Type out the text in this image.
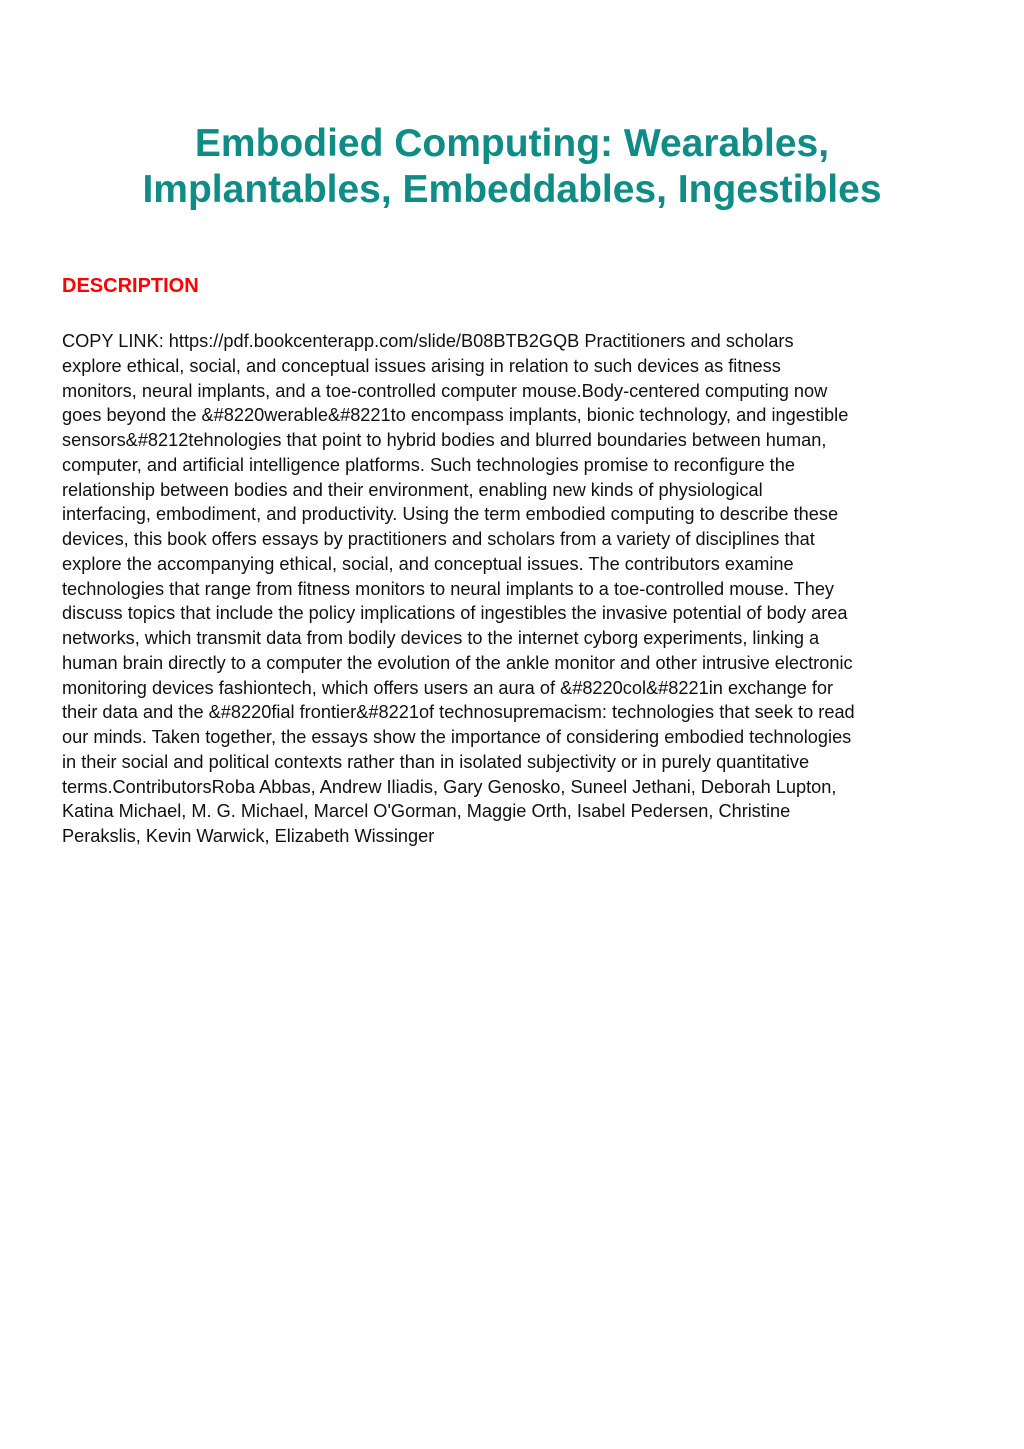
Embodied Computing: Wearables,
Implantables, Embeddables, Ingestibles
DESCRIPTION
COPY LINK: https://pdf.bookcenterapp.com/slide/B08BTB2GQB Practitioners and scholars
explore ethical, social, and conceptual issues arising in relation to such devices as fitness
monitors, neural implants, and a toe-controlled computer mouse.Body-centered computing now
goes beyond the &#8220werable&#8221to encompass implants, bionic technology, and ingestible
sensors&#8212tehnologies that point to hybrid bodies and blurred boundaries between human,
computer, and artificial intelligence platforms. Such technologies promise to reconfigure the
relationship between bodies and their environment, enabling new kinds of physiological
interfacing, embodiment, and productivity. Using the term embodied computing to describe these
devices, this book offers essays by practitioners and scholars from a variety of disciplines that
explore the accompanying ethical, social, and conceptual issues. The contributors examine
technologies that range from fitness monitors to neural implants to a toe-controlled mouse. They
discuss topics that include the policy implications of ingestibles the invasive potential of body area
networks, which transmit data from bodily devices to the internet cyborg experiments, linking a
human brain directly to a computer the evolution of the ankle monitor and other intrusive electronic
monitoring devices fashiontech, which offers users an aura of &#8220col&#8221in exchange for
their data and the &#8220fial frontier&#8221of technosupremacism: technologies that seek to read
our minds. Taken together, the essays show the importance of considering embodied technologies
in their social and political contexts rather than in isolated subjectivity or in purely quantitative
terms.ContributorsRoba Abbas, Andrew Iliadis, Gary Genosko, Suneel Jethani, Deborah Lupton,
Katina Michael, M. G. Michael, Marcel O'Gorman, Maggie Orth, Isabel Pedersen, Christine
Perakslis, Kevin Warwick, Elizabeth Wissinger
